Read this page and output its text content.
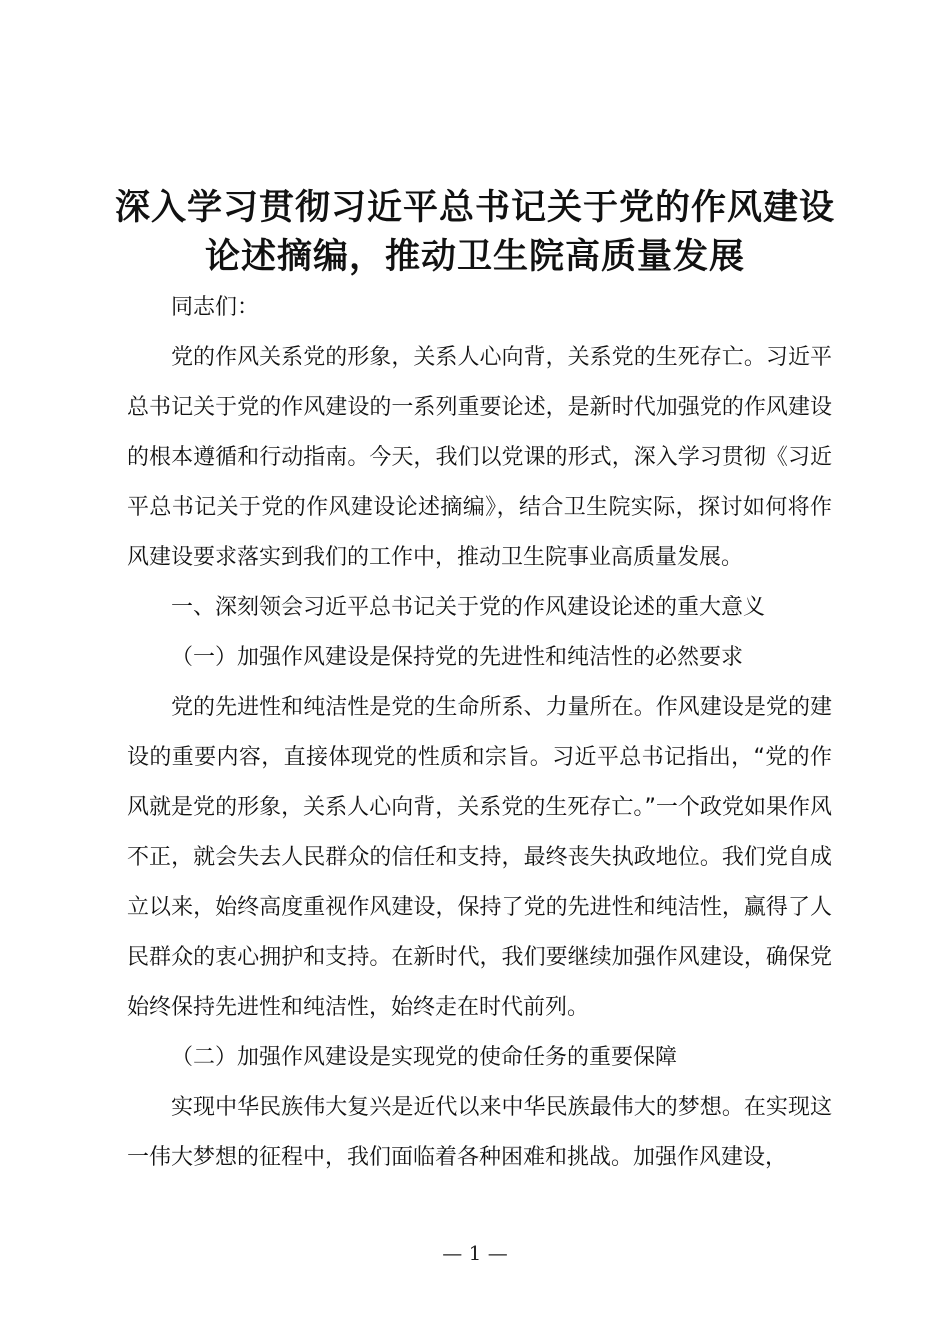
深入学习贯彻习近平总书记关于党的作风建设
论述摘编，推动卫生院高质量发展

同志们：

党的作风关系党的形象，关系人心向背，关系党的生死存亡。习近平总书记关于党的作风建设的一系列重要论述，是新时代加强党的作风建设的根本遵循和行动指南。今天，我们以党课的形式，深入学习贯彻《习近平总书记关于党的作风建设论述摘编》，结合卫生院实际，探讨如何将作风建设要求落实到我们的工作中，推动卫生院事业高质量发展。

一、深刻领会习近平总书记关于党的作风建设论述的重大意义

（一）加强作风建设是保持党的先进性和纯洁性的必然要求

党的先进性和纯洁性是党的生命所系、力量所在。作风建设是党的建设的重要内容，直接体现党的性质和宗旨。习近平总书记指出，“党的作风就是党的形象，关系人心向背，关系党的生死存亡。”一个政党如果作风不正，就会失去人民群众的信任和支持，最终丧失执政地位。我们党自成立以来，始终高度重视作风建设，保持了党的先进性和纯洁性，赢得了人民群众的衷心拥护和支持。在新时代，我们要继续加强作风建设，确保党始终保持先进性和纯洁性，始终走在时代前列。

（二）加强作风建设是实现党的使命任务的重要保障

实现中华民族伟大复兴是近代以来中华民族最伟大的梦想。在实现这一伟大梦想的征程中，我们面临着各种困难和挑战。加强作风建设，

— 1 —
